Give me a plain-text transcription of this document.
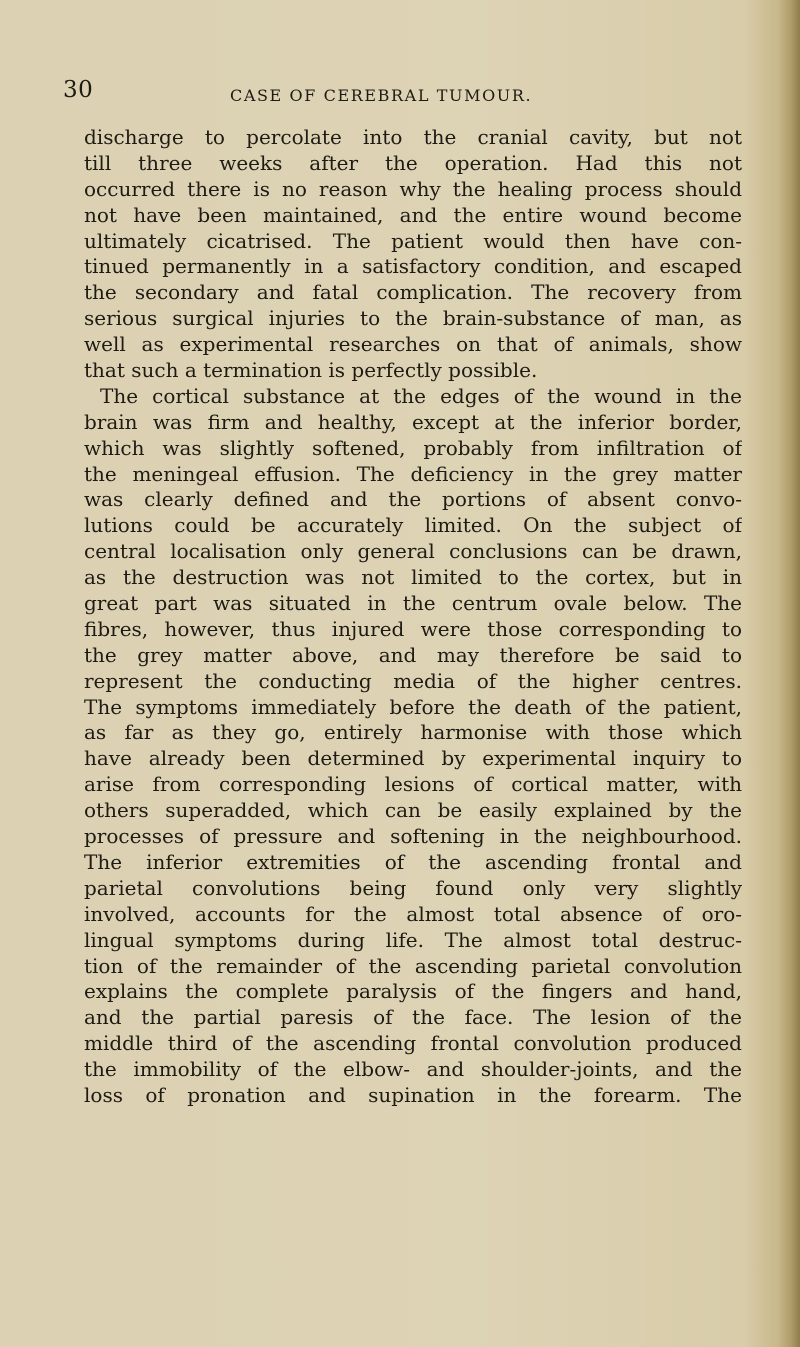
30	CASE OF CEREBRAL TUMOUR.
discharge to percolate into the cranial cavity, but not
till three weeks after the operation. Had this not
occurred there is no reason why the healing process should
not have been maintained, and the entire wound become
ultimately cicatrised. The patient would then have con-
tinued permanently in a satisfactory condition, and escaped
the secondary and fatal complication. The recovery from
serious surgical injuries to the brain-substance of man, as
well as experimental researches on that of animals, show
that such a termination is perfectly possible.
The cortical substance at the edges of the wound in the
brain was firm and healthy, except at the inferior border,
which was slightly softened, probably from infiltration of
the meningeal effusion. The deficiency in the grey matter
was clearly defined and the portions of absent convo-
lutions could be accurately limited. On the subject of
central localisation only general conclusions can be drawn,
as the destruction was not limited to the cortex, but in
great part was situated in the centrum ovale below. The
fibres, however, thus injured were those corresponding to
the grey matter above, and may therefore be said to
represent the conducting media of the higher centres.
The symptoms immediately before the death of the patient,
as far as they go, entirely harmonise with those which
have already been determined by experimental inquiry to
arise from corresponding lesions of cortical matter, with
others superadded, which can be easily explained by the
processes of pressure and softening in the neighbourhood.
The inferior extremities of the ascending frontal and
parietal convolutions being found only very slightly
involved, accounts for the almost total absence of oro-
lingual symptoms during life. The almost total destruc-
tion of the remainder of the ascending parietal convolution
explains the complete paralysis of the fingers and hand,
and the partial paresis of the face. The lesion of the
middle third of the ascending frontal convolution produced
the immobility of the elbow- and shoulder-joints, and the
loss of pronation and supination in the forearm. The
